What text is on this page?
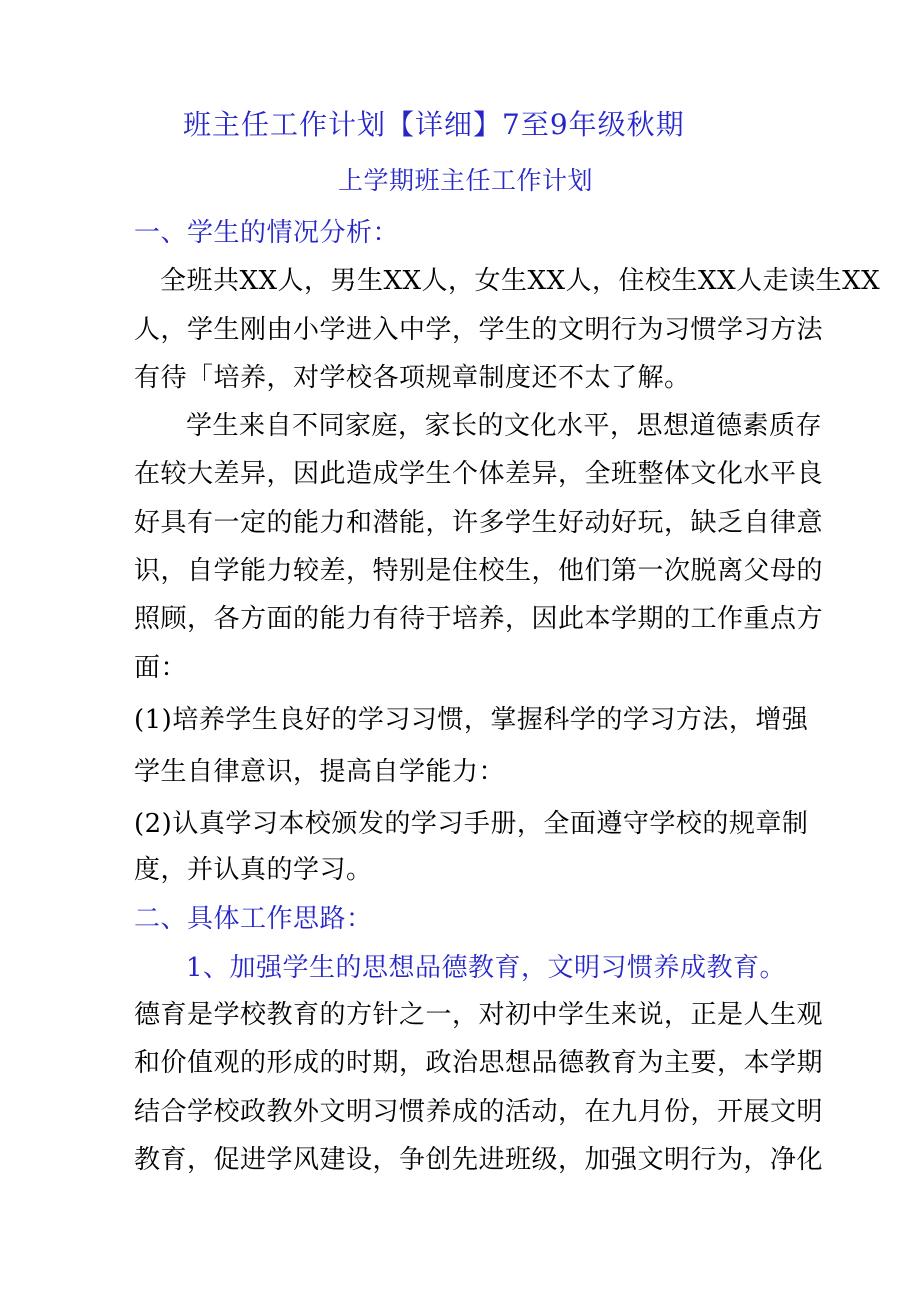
班主任工作计划【详细】7至9年级秋期
上学期班主任工作计划
一、学生的情况分析：
全班共XX人，男生XX人，女生XX人，住校生XX人走读生XX
人，学生刚由小学进入中学，学生的文明行为习惯学习方法
有待「培养，对学校各项规章制度还不太了解。
学生来自不同家庭，家长的文化水平，思想道德素质存
在较大差异，因此造成学生个体差异，全班整体文化水平良
好具有一定的能力和潜能，许多学生好动好玩，缺乏自律意
识，自学能力较差，特别是住校生，他们第一次脱离父母的
照顾，各方面的能力有待于培养，因此本学期的工作重点方
面：
(1)培养学生良好的学习习惯，掌握科学的学习方法，增强
学生自律意识，提高自学能力：
(2)认真学习本校颁发的学习手册，全面遵守学校的规章制
度，并认真的学习。
二、具体工作思路：
1、加强学生的思想品德教育，文明习惯养成教育。
德育是学校教育的方针之一，对初中学生来说，正是人生观
和价值观的形成的时期，政治思想品德教育为主要，本学期
结合学校政教外文明习惯养成的活动，在九月份，开展文明
教育，促进学风建设，争创先进班级，加强文明行为，净化
